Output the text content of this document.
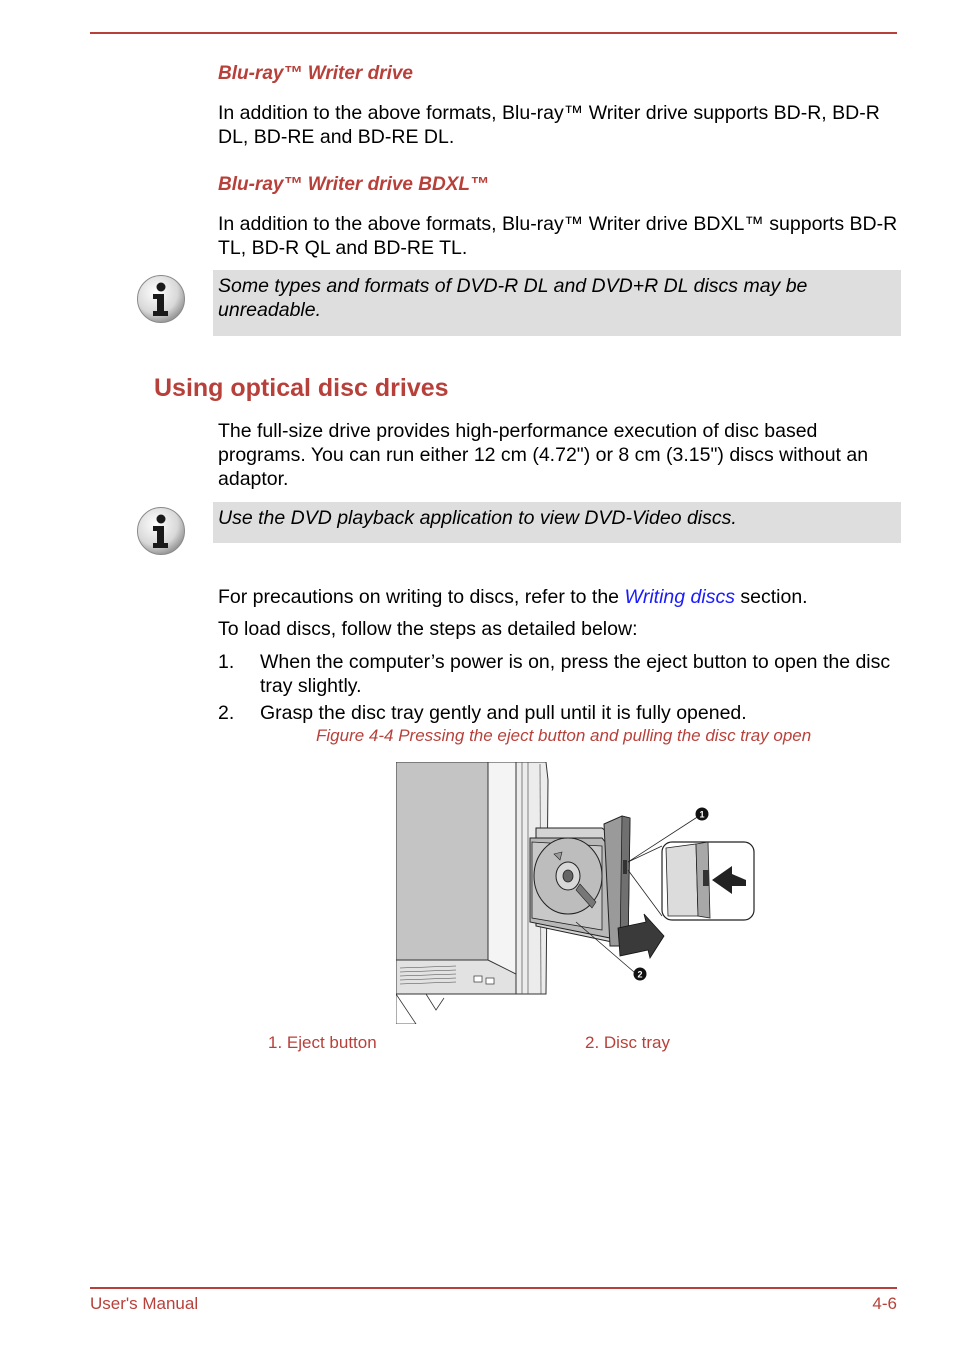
Blu-ray™ Writer drive
In addition to the above formats, Blu-ray™ Writer drive supports BD-R, BD-R DL, BD-RE and BD-RE DL.
Blu-ray™ Writer drive BDXL™
In addition to the above formats, Blu-ray™ Writer drive BDXL™ supports BD-R TL, BD-R QL and BD-RE TL.
Some types and formats of DVD-R DL and DVD+R DL discs may be unreadable.
Using optical disc drives
The full-size drive provides high-performance execution of disc based programs. You can run either 12 cm (4.72") or 8 cm (3.15") discs without an adaptor.
Use the DVD playback application to view DVD-Video discs.
For precautions on writing to discs, refer to the Writing discs section.
To load discs, follow the steps as detailed below:
1. When the computer’s power is on, press the eject button to open the disc tray slightly.
2. Grasp the disc tray gently and pull until it is fully opened.
Figure 4-4 Pressing the eject button and pulling the disc tray open
1
2
1. Eject button	2. Disc tray
User's Manual	4-6
